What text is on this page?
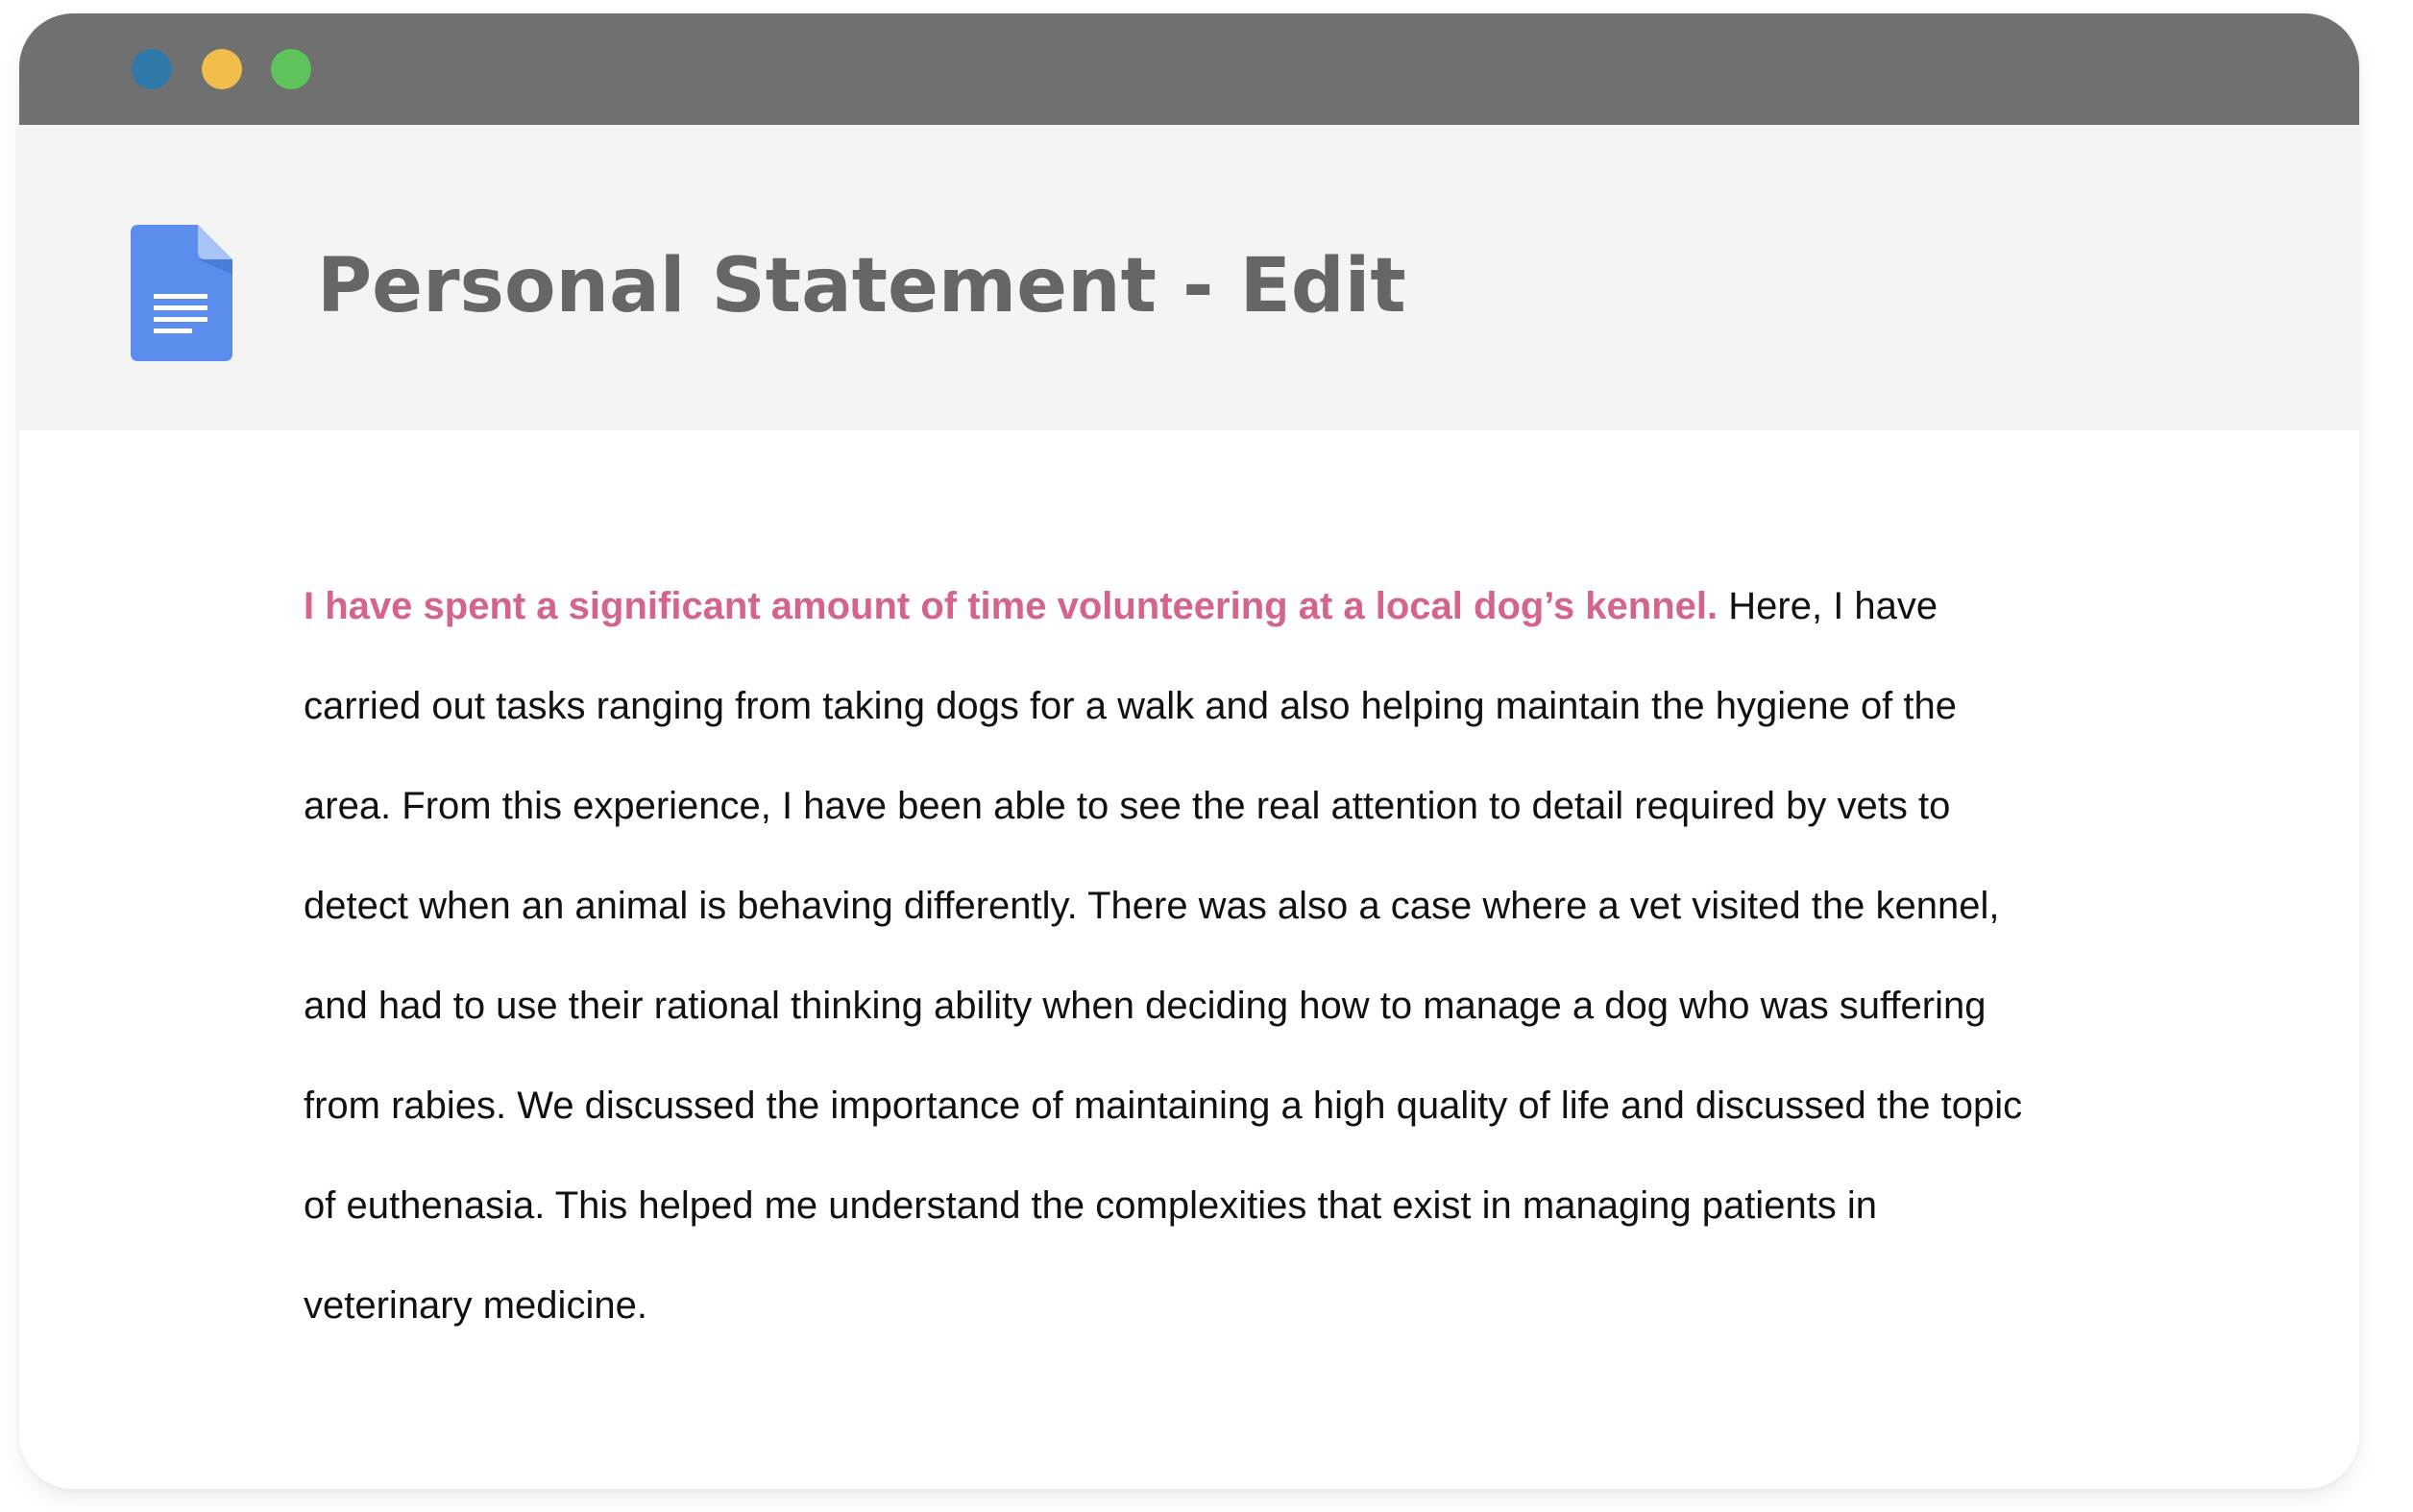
Personal Statement - Edit

I have spent a significant amount of time volunteering at a local dog’s kennel. Here, I have carried out tasks ranging from taking dogs for a walk and also helping maintain the hygiene of the area. From this experience, I have been able to see the real attention to detail required by vets to detect when an animal is behaving differently. There was also a case where a vet visited the kennel, and had to use their rational thinking ability when deciding how to manage a dog who was suffering from rabies. We discussed the importance of maintaining a high quality of life and discussed the topic of euthenasia. This helped me understand the complexities that exist in managing patients in veterinary medicine.
